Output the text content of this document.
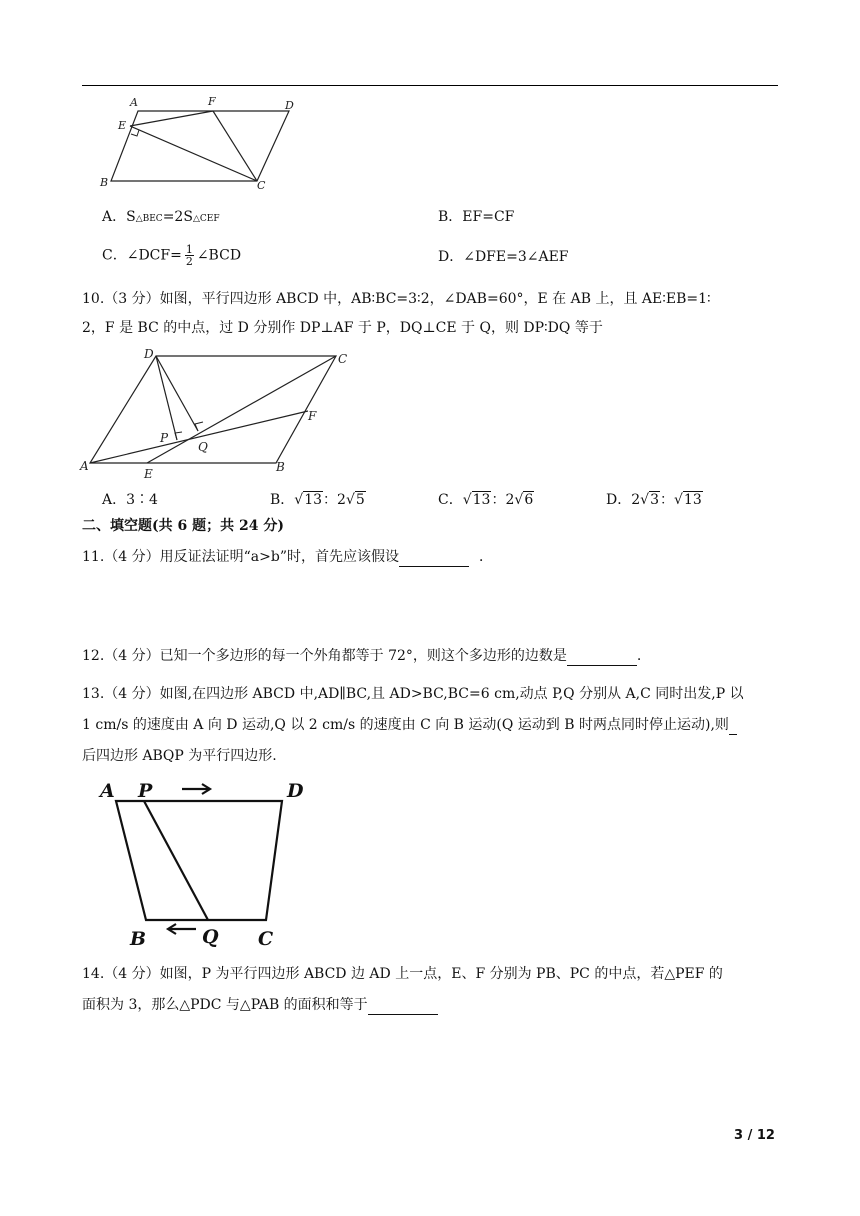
A	F	D
E
B	C
A．S△BEC=2S△CEF	B．EF=CF
C．∠DCF= $\frac{1}{2}$ ∠BCD	D．∠DFE=3∠AEF
10.（3 分）如图，平行四边形 ABCD 中，AB∶BC=3∶2，∠DAB=60°，E 在 AB 上，且 AE∶EB=1∶
2，F 是 BC 的中点，过 D 分别作 DP⊥AF 于 P，DQ⊥CE 于 Q，则 DP∶DQ 等于
D	C
F
P
Q
A
E	B
A．3∶4	B．√13：2√5	C．√13：2√6	D．2√3：√13
二、填空题(共 6 题；共 24 分)
11.（4 分）用反证法证明“a>b”时，首先应该假设	．
12.（4 分）已知一个多边形的每一个外角都等于 72°，则这个多边形的边数是	.
13.（4 分）如图,在四边形 ABCD 中,AD∥BC,且 AD>BC,BC=6 cm,动点 P,Q 分别从 A,C 同时出发,P 以
1 cm/s 的速度由 A 向 D 运动,Q 以 2 cm/s 的速度由 C 向 B 运动(Q 运动到 B 时两点同时停止运动),则
后四边形 ABQP 为平行四边形.
A P	D
B	Q C
14.（4 分）如图，P 为平行四边形 ABCD 边 AD 上一点，E、F 分别为 PB、PC 的中点，若△PEF 的
面积为 3，那么△PDC 与△PAB 的面积和等于
3 / 12
